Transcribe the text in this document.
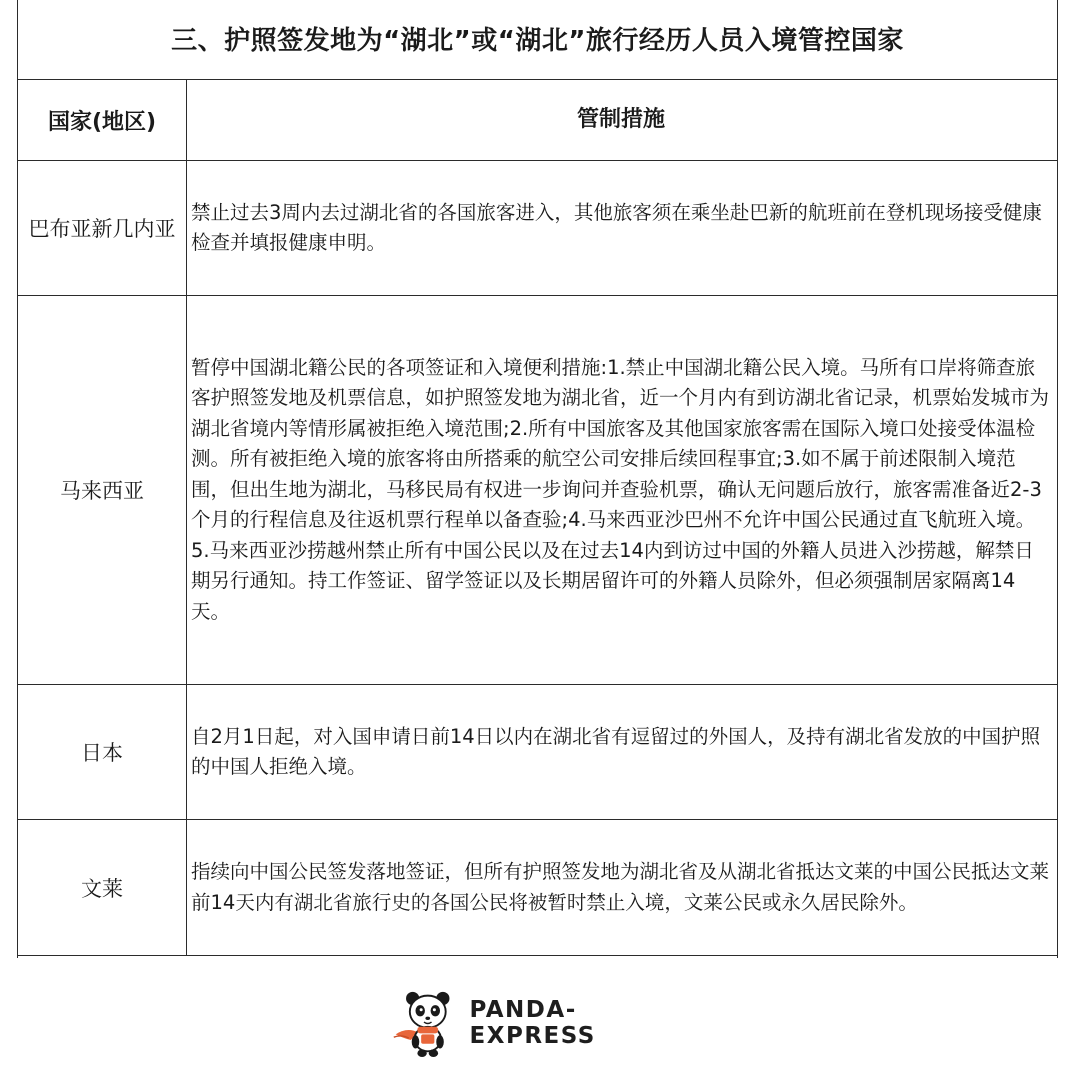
三、护照签发地为“湖北”或“湖北”旅行经历人员入境管控国家
国家(地区)	管制措施
巴布亚新几内亚
禁止过去3周内去过湖北省的各国旅客进入，其他旅客须在乘坐赴巴新的航班前在登机现场接受健康检查并填报健康申明。
马来西亚
暂停中国湖北籍公民的各项签证和入境便利措施:1.禁止中国湖北籍公民入境。马所有口岸将筛查旅客护照签发地及机票信息，如护照签发地为湖北省，近一个月内有到访湖北省记录，机票始发城市为湖北省境内等情形属被拒绝入境范围;2.所有中国旅客及其他国家旅客需在国际入境口处接受体温检测。所有被拒绝入境的旅客将由所搭乘的航空公司安排后续回程事宜;3.如不属于前述限制入境范围，但出生地为湖北，马移民局有权进一步询问并查验机票，确认无问题后放行，旅客需准备近2-3个月的行程信息及往返机票行程单以备查验;4.马来西亚沙巴州不允许中国公民通过直飞航班入境。5.马来西亚沙捞越州禁止所有中国公民以及在过去14内到访过中国的外籍人员进入沙捞越，解禁日期另行通知。持工作签证、留学签证以及长期居留许可的外籍人员除外，但必须强制居家隔离14天。
日本
自2月1日起，对入国申请日前14日以内在湖北省有逗留过的外国人，及持有湖北省发放的中国护照的中国人拒绝入境。
文莱
指续向中国公民签发落地签证，但所有护照签发地为湖北省及从湖北省抵达文莱的中国公民抵达文莱前14天内有湖北省旅行史的各国公民将被暂时禁止入境，文莱公民或永久居民除外。
PANDA-EXPRESS
